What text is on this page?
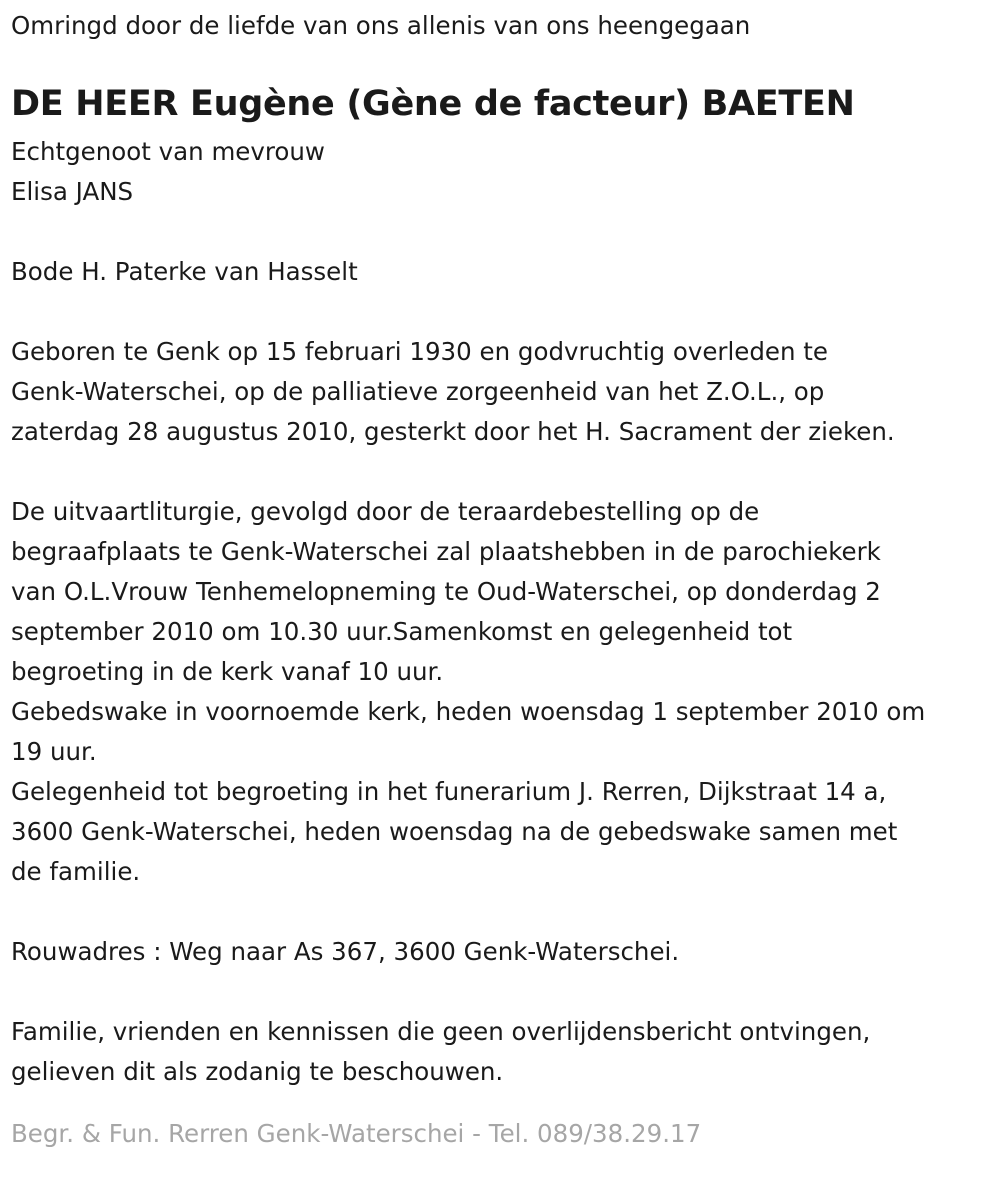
Omringd door de liefde van ons allenis van ons heengegaan
DE HEER Eugène (Gène de facteur) BAETEN
Echtgenoot van mevrouw
Elisa JANS
Bode H. Paterke van Hasselt
Geboren te Genk op 15 februari 1930 en godvruchtig overleden te
Genk-Waterschei, op de palliatieve zorgeenheid van het Z.O.L., op
zaterdag 28 augustus 2010, gesterkt door het H. Sacrament der zieken.
De uitvaartliturgie, gevolgd door de teraardebestelling op de
begraafplaats te Genk-Waterschei zal plaatshebben in de parochiekerk
van O.L.Vrouw Tenhemelopneming te Oud-Waterschei, op donderdag 2
september 2010 om 10.30 uur.Samenkomst en gelegenheid tot
begroeting in de kerk vanaf 10 uur.
Gebedswake in voornoemde kerk, heden woensdag 1 september 2010 om
19 uur.
Gelegenheid tot begroeting in het funerarium J. Rerren, Dijkstraat 14 a,
3600 Genk-Waterschei, heden woensdag na de gebedswake samen met
de familie.
Rouwadres : Weg naar As 367, 3600 Genk-Waterschei.
Familie, vrienden en kennissen die geen overlijdensbericht ontvingen,
gelieven dit als zodanig te beschouwen.
Begr. & Fun. Rerren Genk-Waterschei - Tel. 089/38.29.17
